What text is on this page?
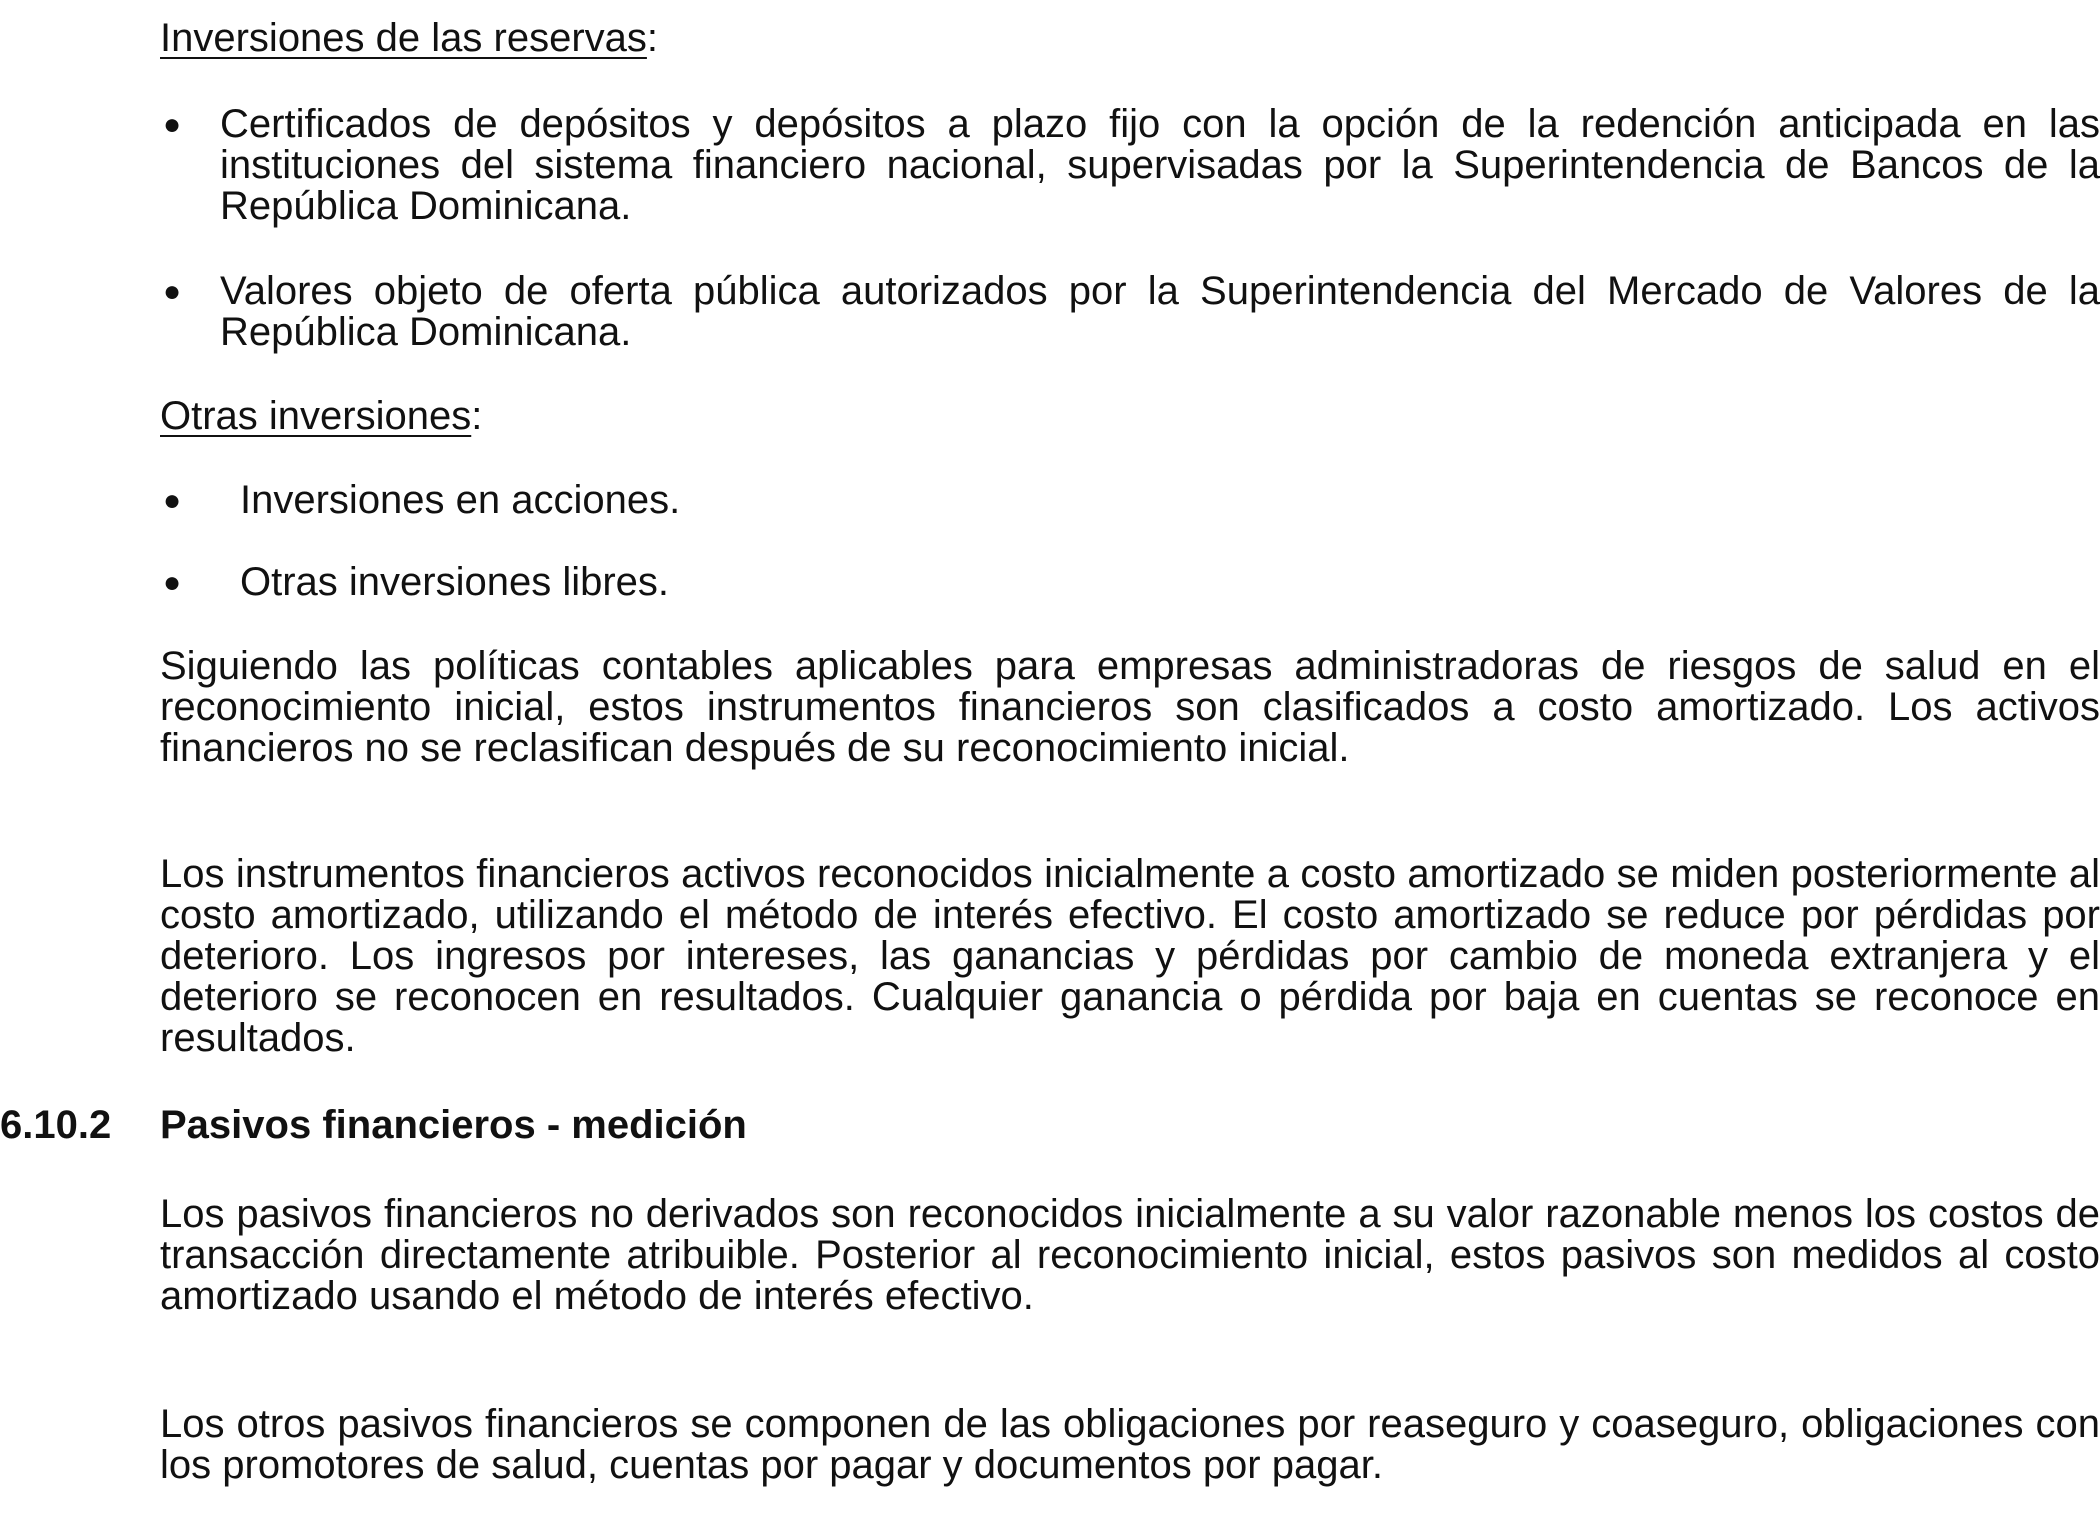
Inversiones de las reservas:
● Certificados de depósitos y depósitos a plazo fijo con la opción de la redención anticipada en las instituciones del sistema financiero nacional, supervisadas por la Superintendencia de Bancos de la República Dominicana.
● Valores objeto de oferta pública autorizados por la Superintendencia del Mercado de Valores de la República Dominicana.
Otras inversiones:
● Inversiones en acciones.
● Otras inversiones libres.
Siguiendo las políticas contables aplicables para empresas administradoras de riesgos de salud en el reconocimiento inicial, estos instrumentos financieros son clasificados a costo amortizado. Los activos financieros no se reclasifican después de su reconocimiento inicial.
Los instrumentos financieros activos reconocidos inicialmente a costo amortizado se miden posteriormente al costo amortizado, utilizando el método de interés efectivo. El costo amortizado se reduce por pérdidas por deterioro. Los ingresos por intereses, las ganancias y pérdidas por cambio de moneda extranjera y el deterioro se reconocen en resultados. Cualquier ganancia o pérdida por baja en cuentas se reconoce en resultados.
6.10.2 Pasivos financieros - medición
Los pasivos financieros no derivados son reconocidos inicialmente a su valor razonable menos los costos de transacción directamente atribuible. Posterior al reconocimiento inicial, estos pasivos son medidos al costo amortizado usando el método de interés efectivo.
Los otros pasivos financieros se componen de las obligaciones por reaseguro y coaseguro, obligaciones con los promotores de salud, cuentas por pagar y documentos por pagar.
